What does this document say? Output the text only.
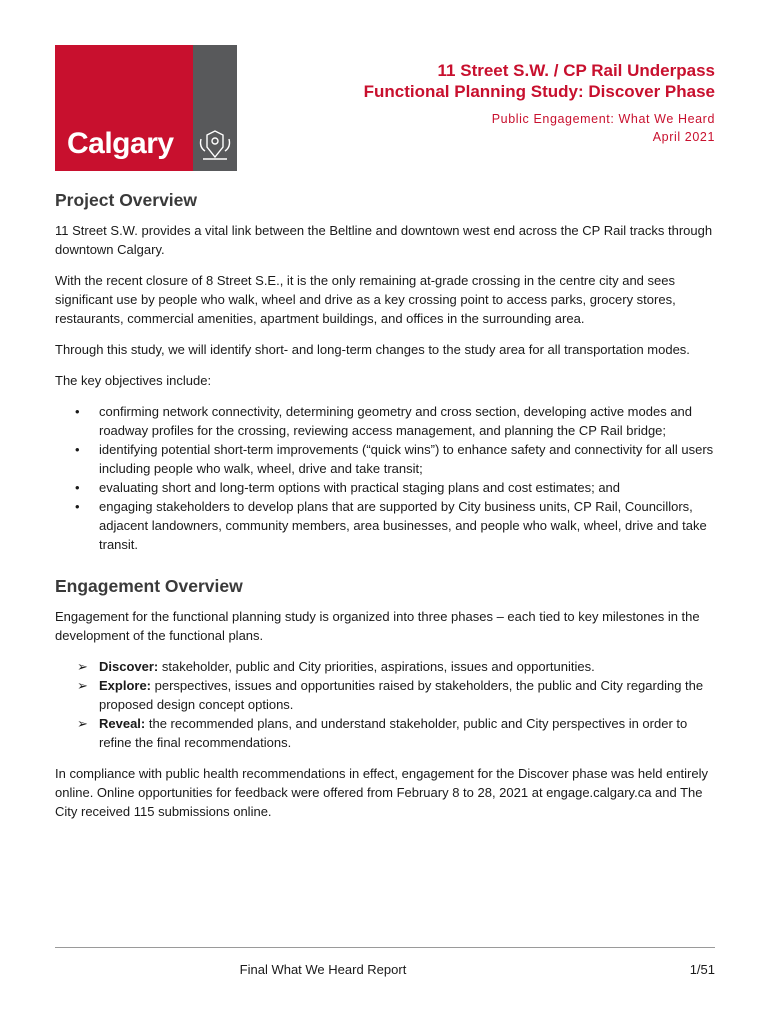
Calgary

11 Street S.W. / CP Rail Underpass

Functional Planning Study: Discover Phase

Public Engagement: What We Heard
April 2021
Project Overview

11 Street S.W. provides a vital link between the Beltline and downtown west end across the CP Rail tracks through downtown Calgary.

With the recent closure of 8 Street S.E., it is the only remaining at-grade crossing in the centre city and sees significant use by people who walk, wheel and drive as a key crossing point to access parks, grocery stores, restaurants, commercial amenities, apartment buildings, and offices in the surrounding area.

Through this study, we will identify short- and long-term changes to the study area for all transportation modes.

The key objectives include:

• confirming network connectivity, determining geometry and cross section, developing active modes and roadway profiles for the crossing, reviewing access management, and planning the CP Rail bridge;
• identifying potential short-term improvements (“quick wins”) to enhance safety and connectivity for all users including people who walk, wheel, drive and take transit;
• evaluating short and long-term options with practical staging plans and cost estimates; and
• engaging stakeholders to develop plans that are supported by City business units, CP Rail, Councillors, adjacent landowners, community members, area businesses, and people who walk, wheel, drive and take transit.
Engagement Overview

Engagement for the functional planning study is organized into three phases – each tied to key milestones in the development of the functional plans.

➢ Discover: stakeholder, public and City priorities, aspirations, issues and opportunities.
➢ Explore: perspectives, issues and opportunities raised by stakeholders, the public and City regarding the proposed design concept options.
➢ Reveal: the recommended plans, and understand stakeholder, public and City perspectives in order to refine the final recommendations.

In compliance with public health recommendations in effect, engagement for the Discover phase was held entirely online. Online opportunities for feedback were offered from February 8 to 28, 2021 at engage.calgary.ca and The City received 115 submissions online.

Final What We Heard Report	1/51
